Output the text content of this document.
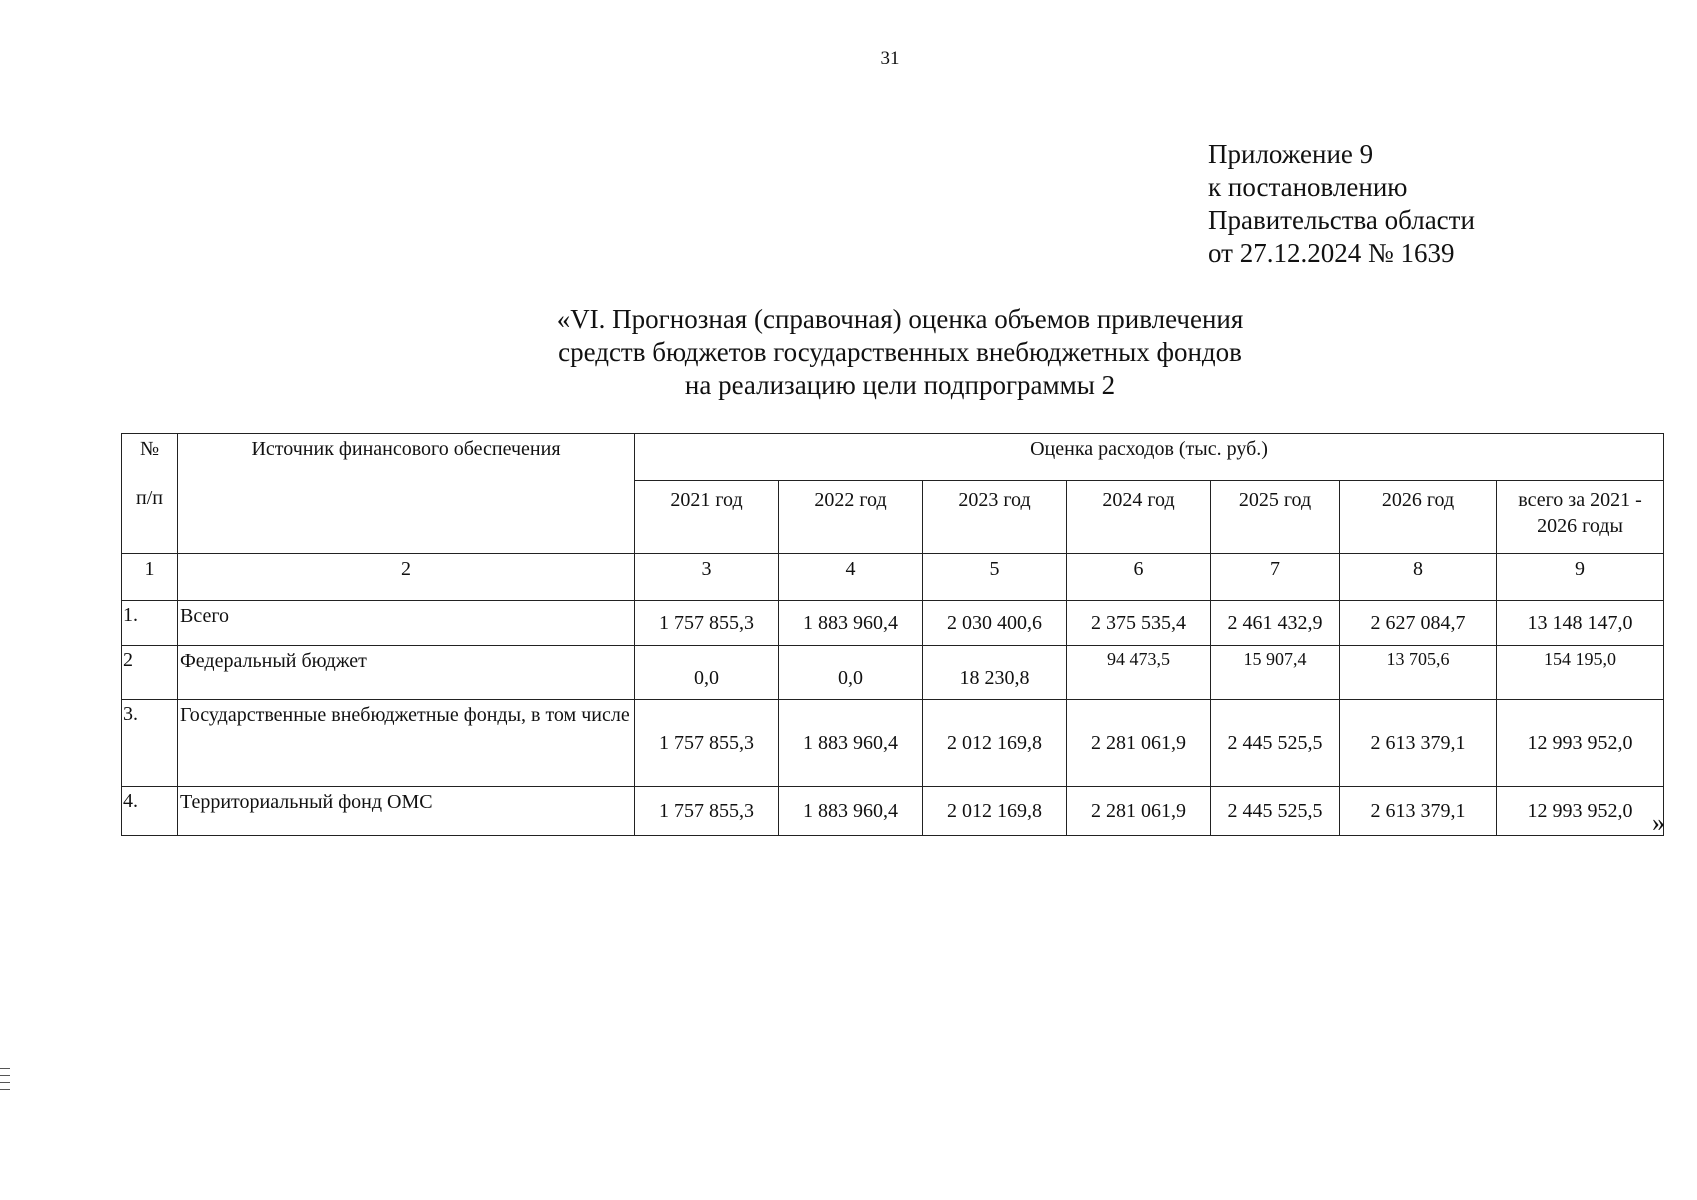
31
Приложение 9
к постановлению
Правительства области
от 27.12.2024 № 1639
«VI. Прогнозная (справочная) оценка объемов привлечения
средств бюджетов государственных внебюджетных фондов
на реализацию цели подпрограммы 2
№
п/п	Источник финансового обеспечения	Оценка расходов (тыс. руб.)						
		2021 год	2022 год	2023 год	2024 год	2025 год	2026 год	всего за 2021 -
2026 годы

1	2	3	4	5	6	7	8	9
1.	Всего	1 757 855,3	1 883 960,4	2 030 400,6	2 375 535,4	2 461 432,9	2 627 084,7	13 148 147,0
2	Федеральный бюджет	0,0	0,0	18 230,8	94 473,5	15 907,4	13 705,6	154 195,0
3.	Государственные внебюджетные фонды, в том числе	1 757 855,3	1 883 960,4	2 012 169,8	2 281 061,9	2 445 525,5	2 613 379,1	12 993 952,0
4.	Территориальный фонд ОМС	1 757 855,3	1 883 960,4	2 012 169,8	2 281 061,9	2 445 525,5	2 613 379,1	12 993 952,0 »
